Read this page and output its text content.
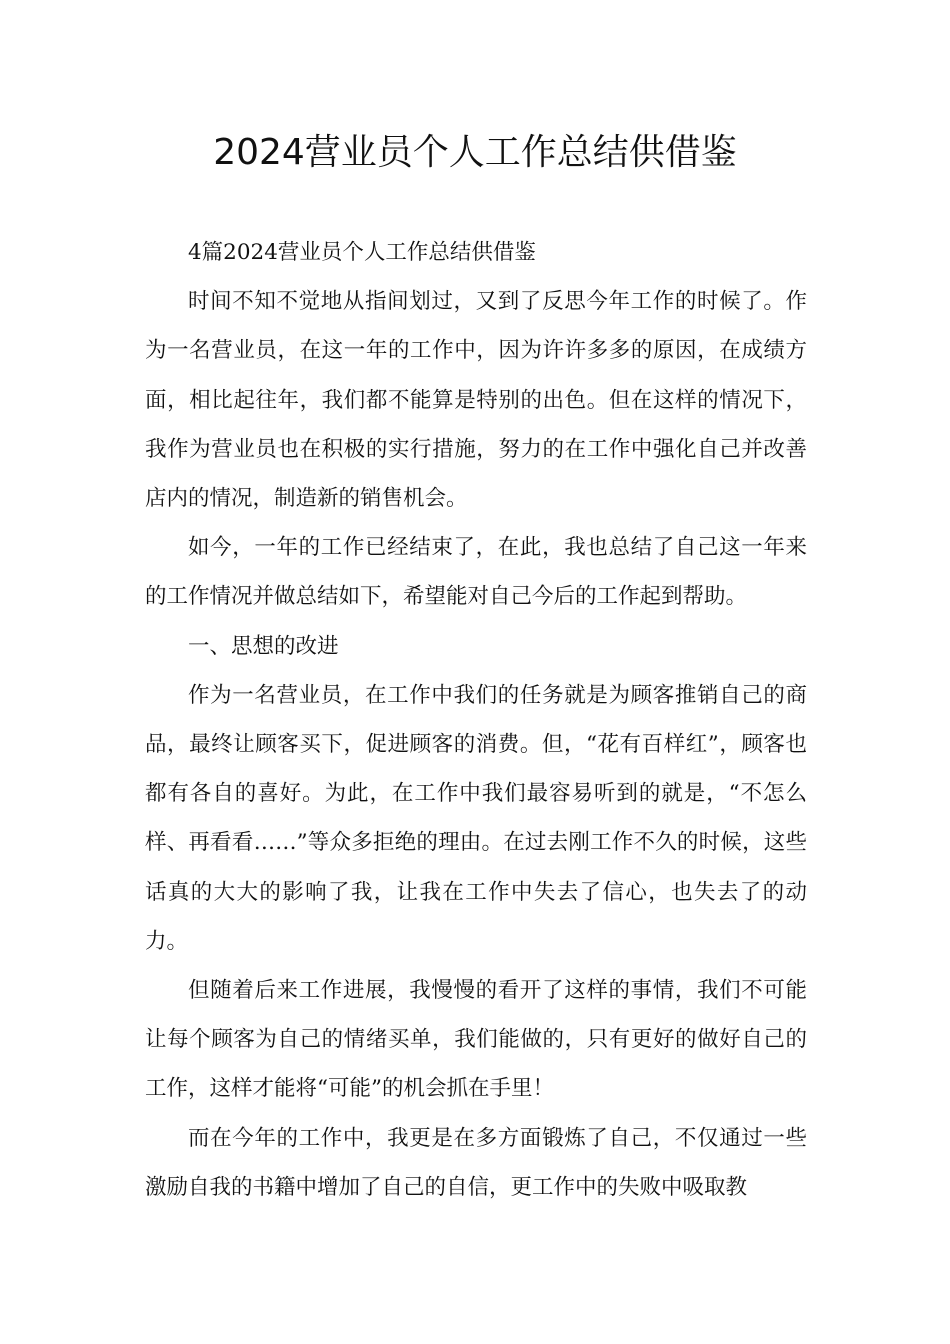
2024营业员个人工作总结供借鉴

4篇2024营业员个人工作总结供借鉴

时间不知不觉地从指间划过，又到了反思今年工作的时候了。作为一名营业员，在这一年的工作中，因为许许多多的原因，在成绩方面，相比起往年，我们都不能算是特别的出色。但在这样的情况下，我作为营业员也在积极的实行措施，努力的在工作中强化自己并改善店内的情况，制造新的销售机会。

如今，一年的工作已经结束了，在此，我也总结了自己这一年来的工作情况并做总结如下，希望能对自己今后的工作起到帮助。

一、思想的改进

作为一名营业员，在工作中我们的任务就是为顾客推销自己的商品，最终让顾客买下，促进顾客的消费。但，“花有百样红”，顾客也都有各自的喜好。为此，在工作中我们最容易听到的就是，“不怎么样、再看看……”等众多拒绝的理由。在过去刚工作不久的时候，这些话真的大大的影响了我，让我在工作中失去了信心，也失去了的动力。

但随着后来工作进展，我慢慢的看开了这样的事情，我们不可能让每个顾客为自己的情绪买单，我们能做的，只有更好的做好自己的工作，这样才能将“可能”的机会抓在手里！

而在今年的工作中，我更是在多方面锻炼了自己，不仅通过一些激励自我的书籍中增加了自己的自信，更工作中的失败中吸取教
